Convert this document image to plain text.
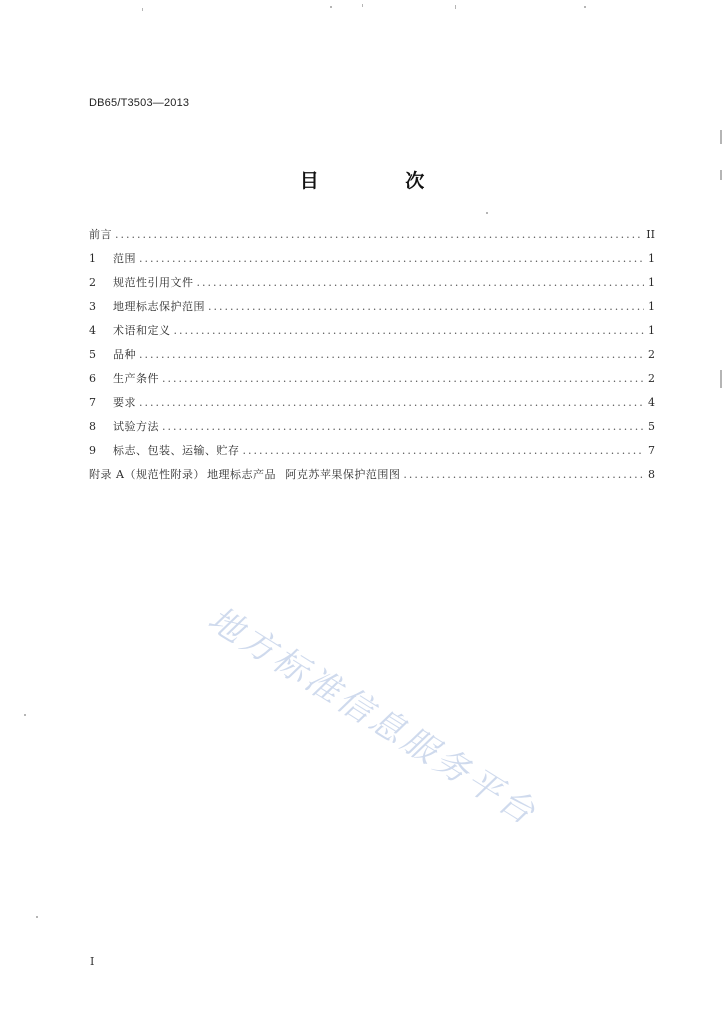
DB65/T3503—2013
目 次
前言 .....	II
1	范围 .....	1
2	规范性引用文件 .....	1
3	地理标志保护范围 .....	1
4	术语和定义 .....	1
5	品种 .....	2
6	生产条件 .....	2
7	要求 .....	4
8	试验方法 .....	5
9	标志、包装、运输、贮存 .....	7
附录 A（规范性附录） 地理标志产品 阿克苏苹果保护范围图 .....	8
地方标准信息服务平台
I
